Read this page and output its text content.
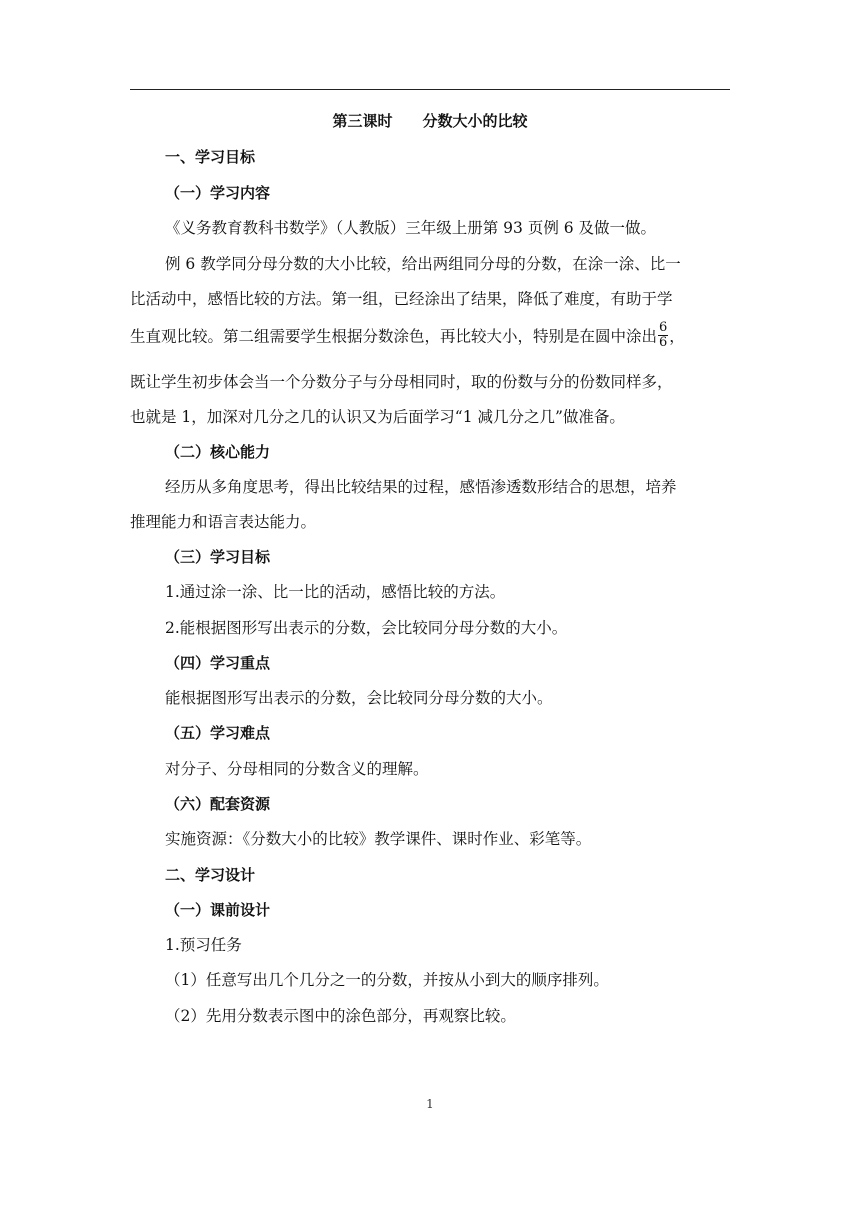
第三课时 分数大小的比较
一、学习目标
（一）学习内容
《义务教育教科书数学》（人教版）三年级上册第 93 页例 6 及做一做。
例 6 教学同分母分数的大小比较，给出两组同分母的分数，在涂一涂、比一
比活动中，感悟比较的方法。第一组，已经涂出了结果，降低了难度，有助于学
生直观比较。第二组需要学生根据分数涂色，再比较大小，特别是在圆中涂出 $\frac{6}{6}$ ，
既让学生初步体会当一个分数分子与分母相同时，取的份数与分的份数同样多，
也就是 1，加深对几分之几的认识又为后面学习“1 减几分之几”做准备。
（二）核心能力
经历从多角度思考，得出比较结果的过程，感悟渗透数形结合的思想，培养
推理能力和语言表达能力。
（三）学习目标
1.通过涂一涂、比一比的活动，感悟比较的方法。
2.能根据图形写出表示的分数，会比较同分母分数的大小。
（四）学习重点
能根据图形写出表示的分数，会比较同分母分数的大小。
（五）学习难点
对分子、分母相同的分数含义的理解。
（六）配套资源
实施资源：《分数大小的比较》教学课件、课时作业、彩笔等。
二、学习设计
（一）课前设计
1.预习任务
（1）任意写出几个几分之一的分数，并按从小到大的顺序排列。
（2）先用分数表示图中的涂色部分，再观察比较。
1
